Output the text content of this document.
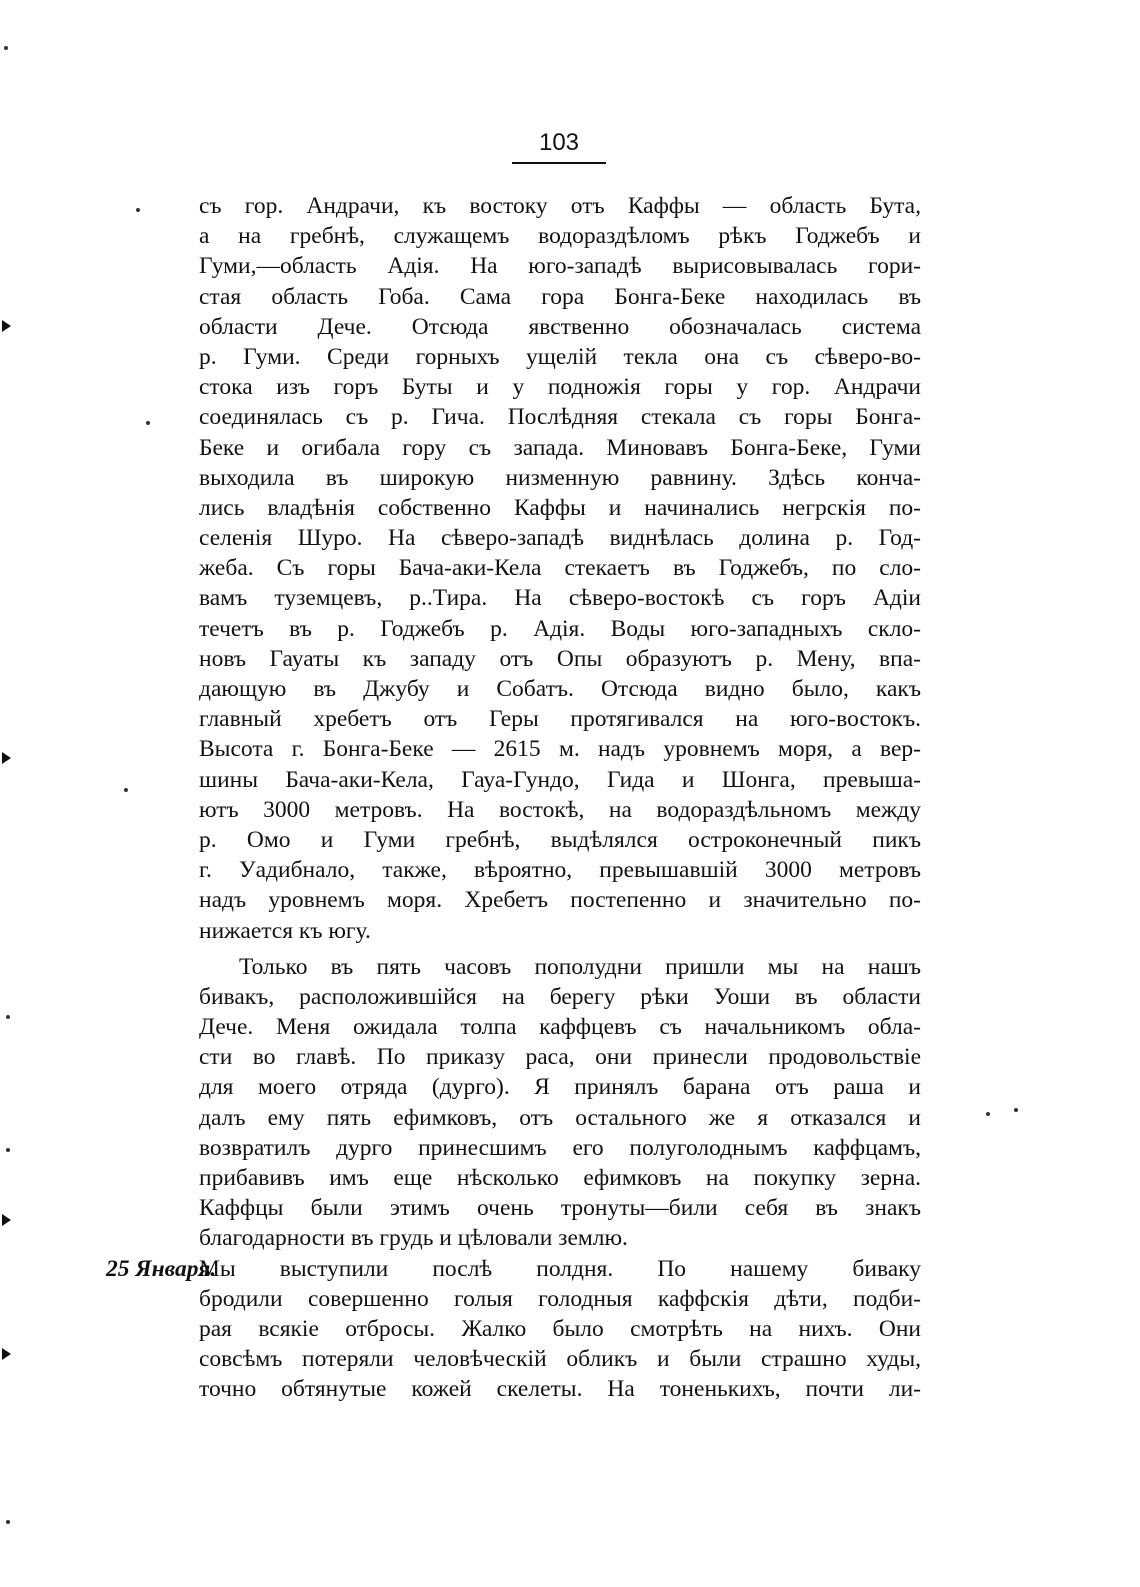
103
съ гор. Андрачи, къ востоку отъ Каффы — область Бута,
а на гребнѣ, служащемъ водораздѣломъ рѣкъ Годжебъ и
Гуми,—область Адія. На юго-западѣ вырисовывалась гори-
стая область Гоба. Сама гора Бонга-Беке находилась въ
области Дече. Отсюда явственно обозначалась система
р. Гуми. Среди горныхъ ущелій текла она съ сѣверо-во-
стока изъ горъ Буты и у подножія горы у гор. Андрачи
соединялась съ р. Гича. Послѣдняя стекала съ горы Бонга-
Беке и огибала гору съ запада. Миновавъ Бонга-Беке, Гуми
выходила въ широкую низменную равнину. Здѣсь конча-
лись владѣнія собственно Каффы и начинались негрскія по-
селенія Шуро. На сѣверо-западѣ виднѣлась долина р. Год-
жеба. Съ горы Бача-аки-Кела стекаетъ въ Годжебъ, по сло-
вамъ туземцевъ, р..Тира. На сѣверо-востокѣ съ горъ Адіи
течетъ въ р. Годжебъ р. Адія. Воды юго-западныхъ скло-
новъ Гауаты къ западу отъ Опы образуютъ р. Мену, впа-
дающую въ Джубу и Собатъ. Отсюда видно было, какъ
главный хребетъ отъ Геры протягивался на юго-востокъ.
Высота г. Бонга-Беке — 2615 м. надъ уровнемъ моря, а вер-
шины Бача-аки-Кела, Гауа-Гундо, Гида и Шонга, превыша-
ютъ 3000 метровъ. На востокѣ, на водораздѣльномъ между
р. Омо и Гуми гребнѣ, выдѣлялся остроконечный пикъ
г. Уадибнало, также, вѣроятно, превышавшій 3000 метровъ
надъ уровнемъ моря. Хребетъ постепенно и значительно по-
нижается къ югу.
Только въ пять часовъ пополудни пришли мы на нашъ
бивакъ, расположившійся на берегу рѣки Уоши въ области
Дече. Меня ожидала толпа каффцевъ съ начальникомъ обла-
сти во главѣ. По приказу раса, они принесли продовольствіе
для моего отряда (дурго). Я принялъ барана отъ раша и
далъ ему пять ефимковъ, отъ остального же я отказался и
возвратилъ дурго принесшимъ его полуголоднымъ каффцамъ,
прибавивъ имъ еще нѣсколько ефимковъ на покупку зерна.
Каффцы были этимъ очень тронуты—били себя въ знакъ
благодарности въ грудь и цѣловали землю.
25 Января.
Мы выступили послѣ полдня. По нашему биваку
бродили совершенно голыя голодныя каффскія дѣти, подби-
рая всякіе отбросы. Жалко было смотрѣть на нихъ. Они
совсѣмъ потеряли человѣческій обликъ и были страшно худы,
точно обтянутые кожей скелеты. На тоненькихъ, почти ли-
